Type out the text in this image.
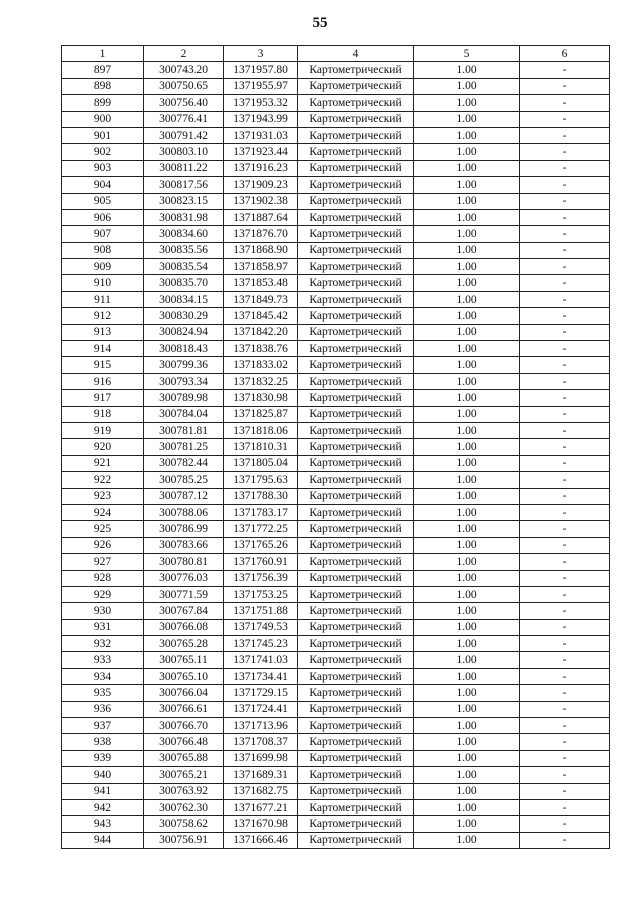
55
1	2	3	4	5	6
897	300743.20	1371957.80	Картометрический	1.00	-
898	300750.65	1371955.97	Картометрический	1.00	-
899	300756.40	1371953.32	Картометрический	1.00	-
900	300776.41	1371943.99	Картометрический	1.00	-
901	300791.42	1371931.03	Картометрический	1.00	-
902	300803.10	1371923.44	Картометрический	1.00	-
903	300811.22	1371916.23	Картометрический	1.00	-
904	300817.56	1371909.23	Картометрический	1.00	-
905	300823.15	1371902.38	Картометрический	1.00	-
906	300831.98	1371887.64	Картометрический	1.00	-
907	300834.60	1371876.70	Картометрический	1.00	-
908	300835.56	1371868.90	Картометрический	1.00	-
909	300835.54	1371858.97	Картометрический	1.00	-
910	300835.70	1371853.48	Картометрический	1.00	-
911	300834.15	1371849.73	Картометрический	1.00	-
912	300830.29	1371845.42	Картометрический	1.00	-
913	300824.94	1371842.20	Картометрический	1.00	-
914	300818.43	1371838.76	Картометрический	1.00	-
915	300799.36	1371833.02	Картометрический	1.00	-
916	300793.34	1371832.25	Картометрический	1.00	-
917	300789.98	1371830.98	Картометрический	1.00	-
918	300784.04	1371825.87	Картометрический	1.00	-
919	300781.81	1371818.06	Картометрический	1.00	-
920	300781.25	1371810.31	Картометрический	1.00	-
921	300782.44	1371805.04	Картометрический	1.00	-
922	300785.25	1371795.63	Картометрический	1.00	-
923	300787.12	1371788.30	Картометрический	1.00	-
924	300788.06	1371783.17	Картометрический	1.00	-
925	300786.99	1371772.25	Картометрический	1.00	-
926	300783.66	1371765.26	Картометрический	1.00	-
927	300780.81	1371760.91	Картометрический	1.00	-
928	300776.03	1371756.39	Картометрический	1.00	-
929	300771.59	1371753.25	Картометрический	1.00	-
930	300767.84	1371751.88	Картометрический	1.00	-
931	300766.08	1371749.53	Картометрический	1.00	-
932	300765.28	1371745.23	Картометрический	1.00	-
933	300765.11	1371741.03	Картометрический	1.00	-
934	300765.10	1371734.41	Картометрический	1.00	-
935	300766.04	1371729.15	Картометрический	1.00	-
936	300766.61	1371724.41	Картометрический	1.00	-
937	300766.70	1371713.96	Картометрический	1.00	-
938	300766.48	1371708.37	Картометрический	1.00	-
939	300765.88	1371699.98	Картометрический	1.00	-
940	300765.21	1371689.31	Картометрический	1.00	-
941	300763.92	1371682.75	Картометрический	1.00	-
942	300762.30	1371677.21	Картометрический	1.00	-
943	300758.62	1371670.98	Картометрический	1.00	-
944	300756.91	1371666.46	Картометрический	1.00	-
